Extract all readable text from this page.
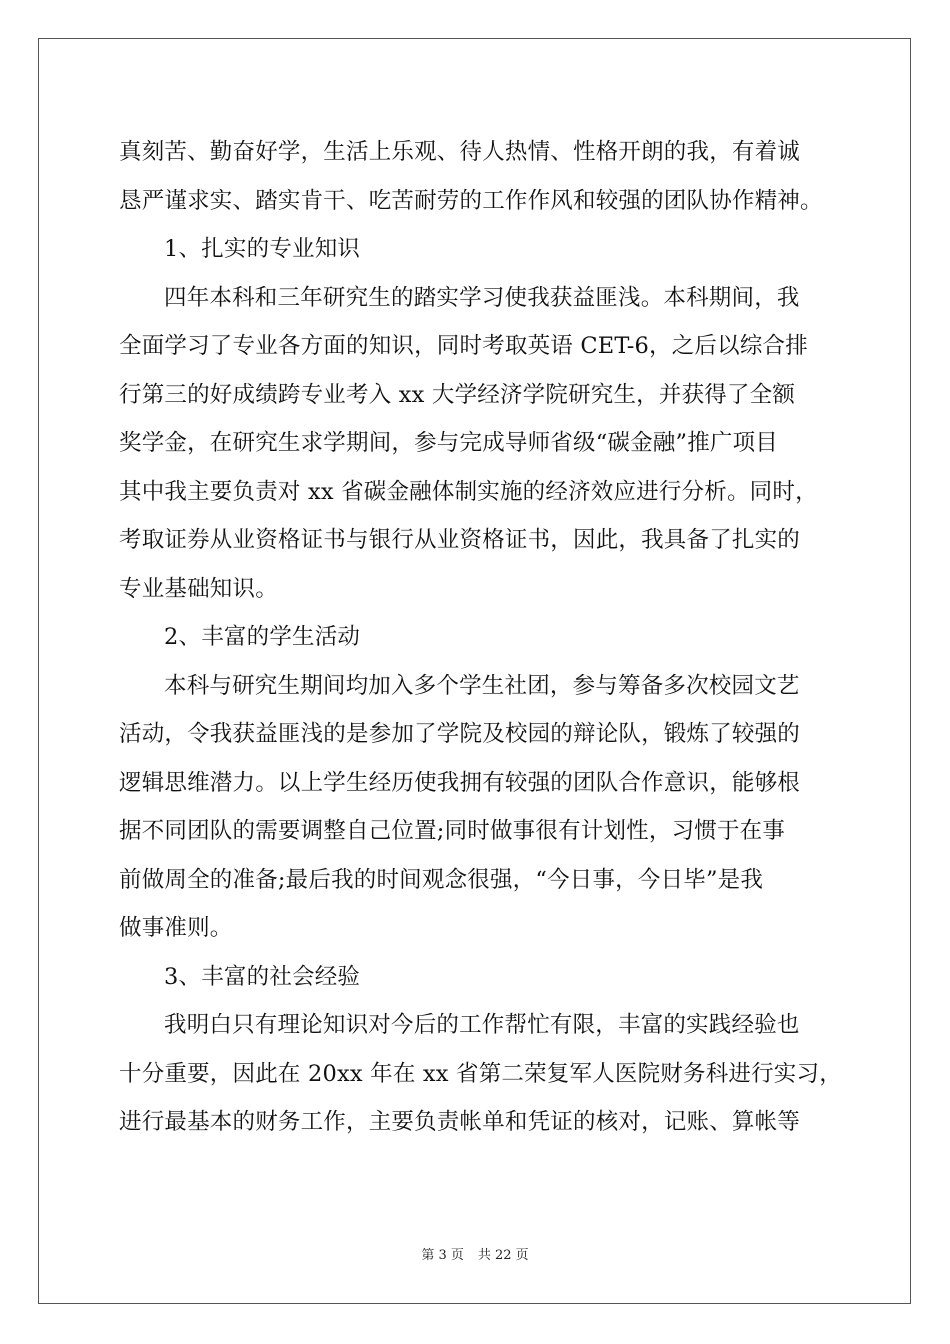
真刻苦、勤奋好学，生活上乐观、待人热情、性格开朗的我，有着诚
恳严谨求实、踏实肯干、吃苦耐劳的工作作风和较强的团队协作精神。
1、扎实的专业知识
四年本科和三年研究生的踏实学习使我获益匪浅。本科期间，我
全面学习了专业各方面的知识，同时考取英语 CET-6，之后以综合排
行第三的好成绩跨专业考入 xx 大学经济学院研究生，并获得了全额
奖学金，在研究生求学期间，参与完成导师省级“碳金融”推广项目
其中我主要负责对 xx 省碳金融体制实施的经济效应进行分析。同时，
考取证券从业资格证书与银行从业资格证书，因此，我具备了扎实的
专业基础知识。
2、丰富的学生活动
本科与研究生期间均加入多个学生社团，参与筹备多次校园文艺
活动，令我获益匪浅的是参加了学院及校园的辩论队，锻炼了较强的
逻辑思维潜力。以上学生经历使我拥有较强的团队合作意识，能够根
据不同团队的需要调整自己位置;同时做事很有计划性，习惯于在事
前做周全的准备;最后我的时间观念很强，“今日事，今日毕”是我
做事准则。
3、丰富的社会经验
我明白只有理论知识对今后的工作帮忙有限，丰富的实践经验也
十分重要，因此在 20xx 年在 xx 省第二荣复军人医院财务科进行实习，
进行最基本的财务工作，主要负责帐单和凭证的核对，记账、算帐等
第 3 页 共 22 页
